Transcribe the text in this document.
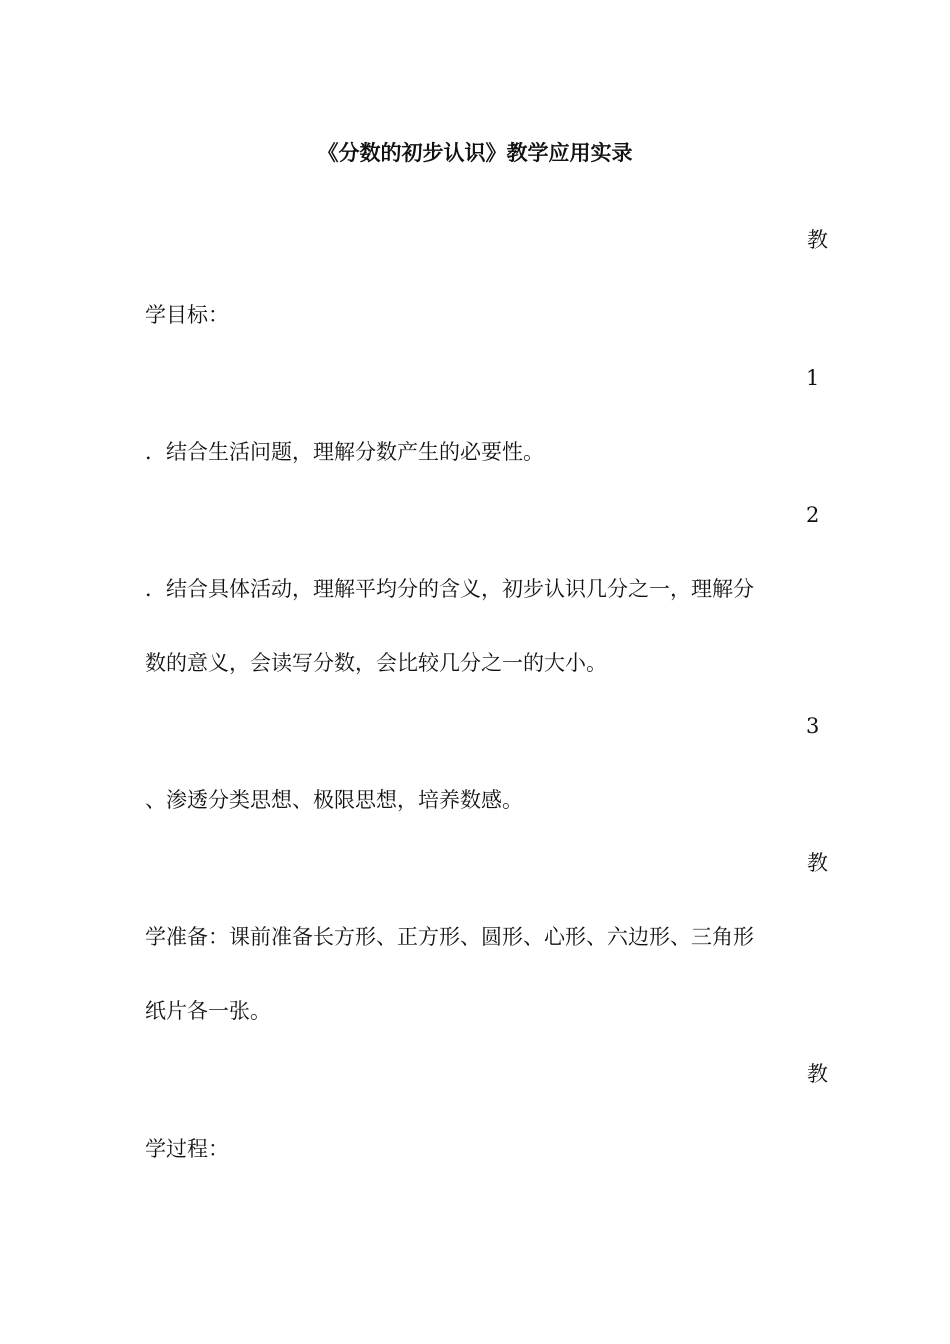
《分数的初步认识》教学应用实录
教
学目标：
1
．结合生活问题，理解分数产生的必要性。
2
．结合具体活动，理解平均分的含义，初步认识几分之一，理解分
数的意义，会读写分数，会比较几分之一的大小。
3
、渗透分类思想、极限思想，培养数感。
教
学准备：课前准备长方形、正方形、圆形、心形、六边形、三角形
纸片各一张。
教
学过程：
